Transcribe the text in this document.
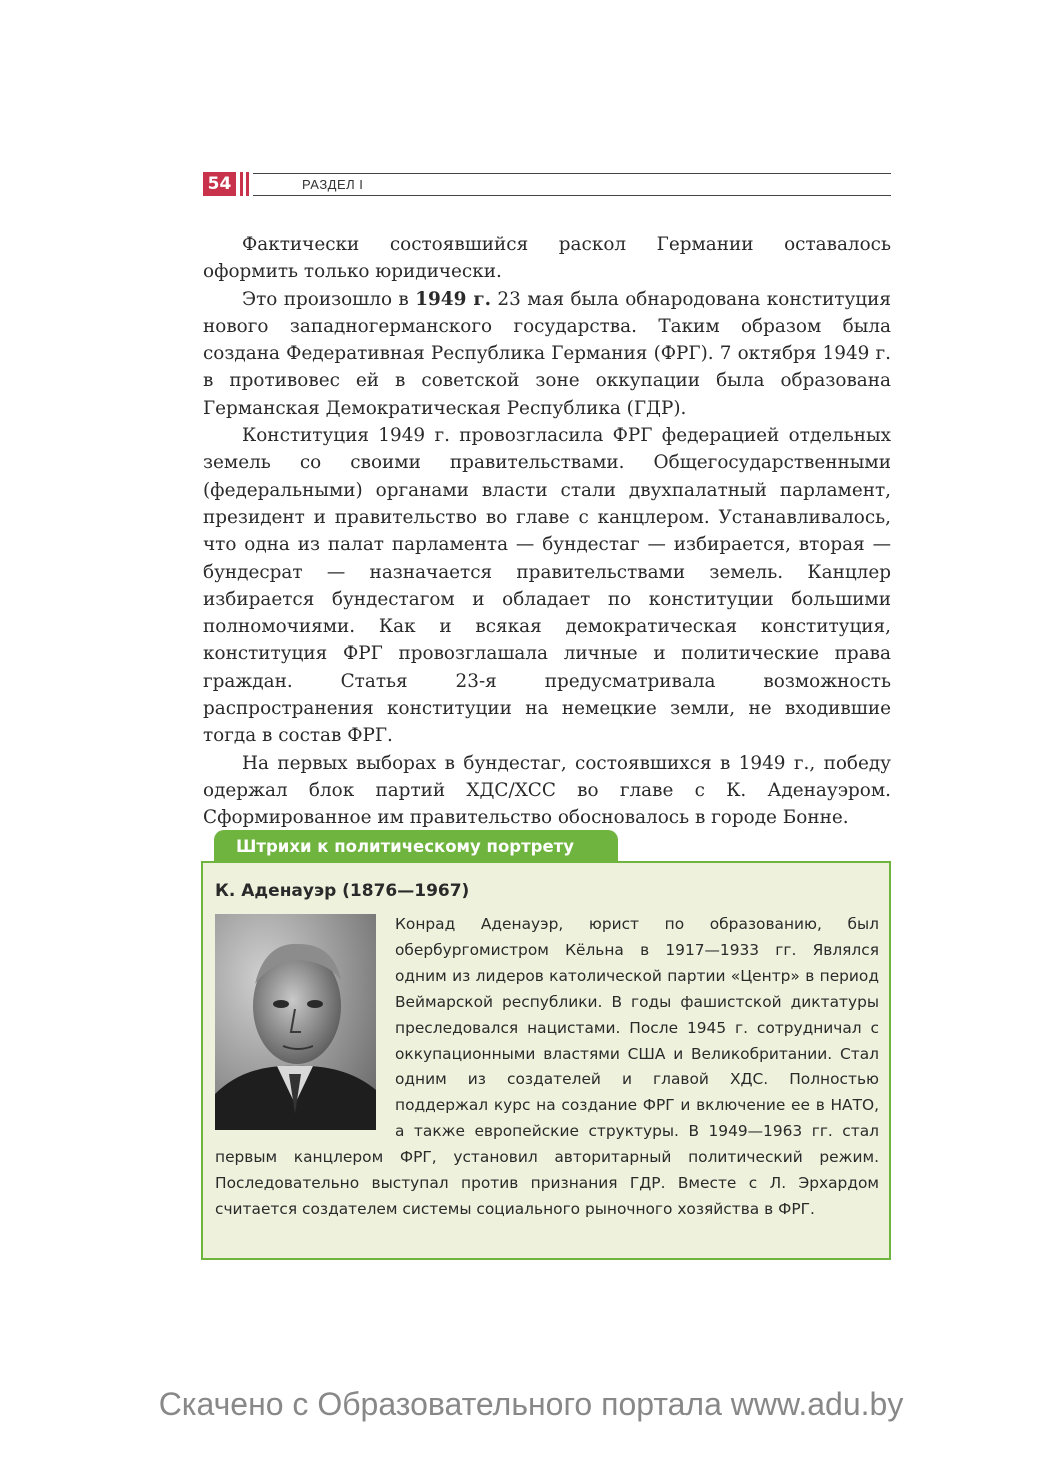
54	РАЗДЕЛ I

Фактически состоявшийся раскол Германии оставалось оформить только юридически.

Это произошло в 1949 г. 23 мая была обнародована конституция нового западногерманского государства. Таким образом была создана Федеративная Республика Германия (ФРГ). 7 октября 1949 г. в противовес ей в советской зоне оккупации была образована Германская Демократическая Республика (ГДР).

Конституция 1949 г. провозгласила ФРГ федерацией отдельных земель со своими правительствами. Общегосударственными (федеральными) органами власти стали двухпалатный парламент, президент и правительство во главе с канцлером. Устанавливалось, что одна из палат парламента — бундестаг — избирается, вторая — бундесрат — назначается правительствами земель. Канцлер избирается бундестагом и обладает по конституции большими полномочиями. Как и всякая демократическая конституция, конституция ФРГ провозглашала личные и политические права граждан. Статья 23-я предусматривала возможность распространения конституции на немецкие земли, не входившие тогда в состав ФРГ.

На первых выборах в бундестаг, состоявшихся в 1949 г., победу одержал блок партий ХДС/ХСС во главе с К. Аденауэром. Сформированное им правительство обосновалось в городе Бонне.

Штрихи к политическому портрету
К. Аденауэр (1876—1967)
Конрад Аденауэр, юрист по образованию, был обербургомистром Кёльна в 1917—1933 гг. Являлся одним из лидеров католической партии «Центр» в период Веймарской республики. В годы фашистской диктатуры преследовался нацистами. После 1945 г. сотрудничал с оккупационными властями США и Великобритании. Стал одним из создателей и главой ХДС. Полностью поддержал курс на создание ФРГ и включение ее в НАТО, а также европейские структуры. В 1949—1963 гг. стал первым канцлером ФРГ, установил авторитарный политический режим. Последовательно выступал против признания ГДР. Вместе с Л. Эрхардом считается создателем системы социального рыночного хозяйства в ФРГ.
Скачено с Образовательного портала www.adu.by
